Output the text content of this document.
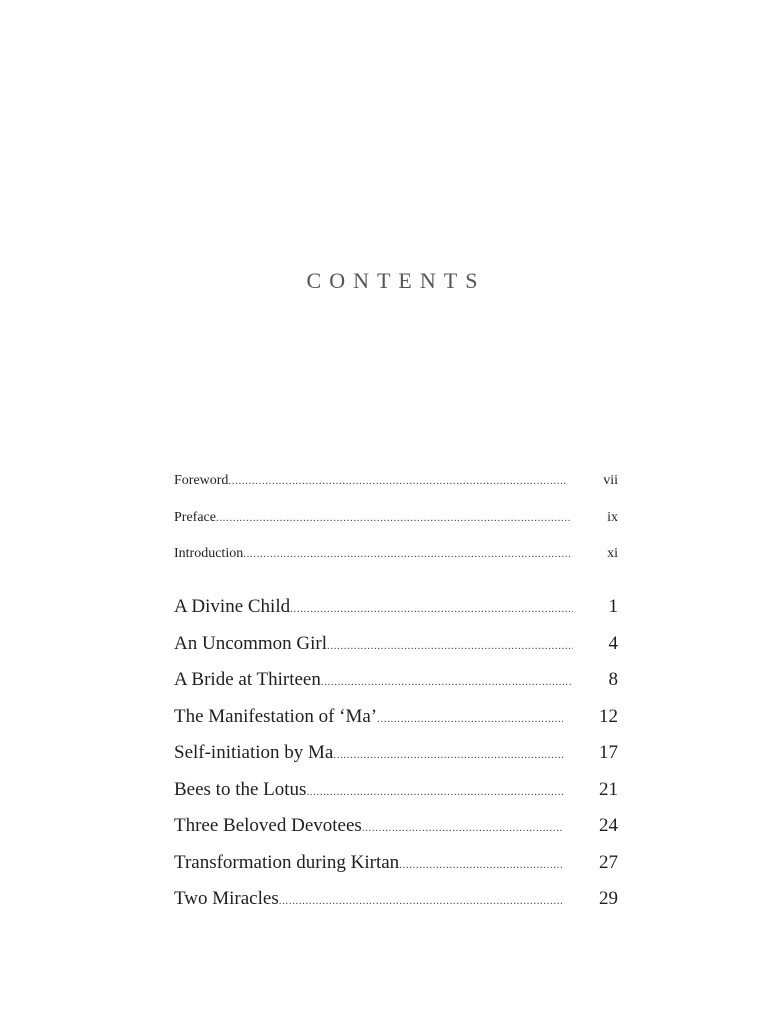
CONTENTS
Foreword .....	vii
Preface .....	ix
Introduction .....	xi
A Divine Child .....	1
An Uncommon Girl .....	4
A Bride at Thirteen .....	8
The Manifestation of ‘Ma’ .....	12
Self-initiation by Ma .....	17
Bees to the Lotus .....	21
Three Beloved Devotees .....	24
Transformation during Kirtan .....	27
Two Miracles .....	29
